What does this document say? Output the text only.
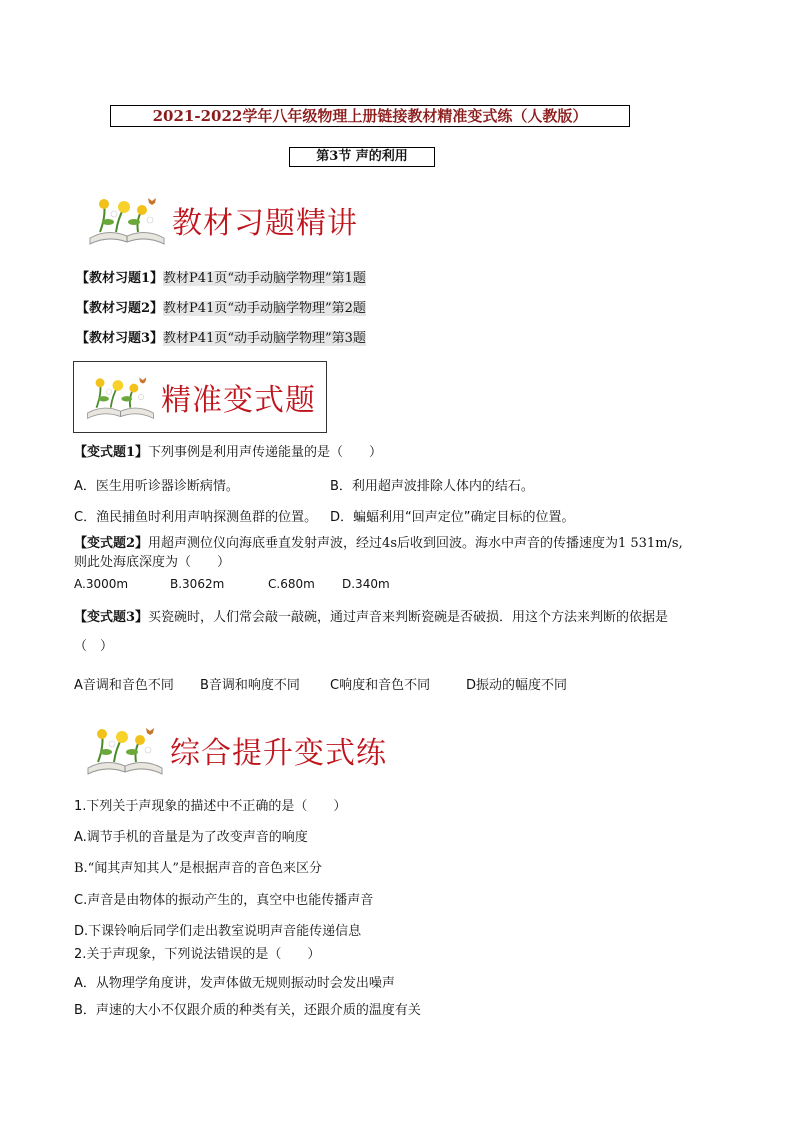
2021-2022学年八年级物理上册链接教材精准变式练（人教版）
第3节 声的利用
教材习题精讲
【教材习题1】教材P41页“动手动脑学物理”第1题
【教材习题2】教材P41页“动手动脑学物理”第2题
【教材习题3】教材P41页“动手动脑学物理”第3题
精准变式题
【变式题1】下列事例是利用声传递能量的是（　　）
A．医生用听诊器诊断病情。	B．利用超声波排除人体内的结石。
C．渔民捕鱼时利用声呐探测鱼群的位置。 D．蝙蝠利用“回声定位”确定目标的位置。
【变式题2】用超声测位仪向海底垂直发射声波，经过4s后收到回波。海水中声音的传播速度为1 531m/s,
则此处海底深度为（　　）
A.3000m	B.3062m	C.680m D.340m
【变式题3】买瓷碗时，人们常会敲一敲碗，通过声音来判断瓷碗是否破损．用这个方法来判断的依据是
（　）
A音调和音色不同 B音调和响度不同 C响度和音色不同	D振动的幅度不同
综合提升变式练
1.下列关于声现象的描述中不正确的是（　　）
A.调节手机的音量是为了改变声音的响度
B.“闻其声知其人”是根据声音的音色来区分
C.声音是由物体的振动产生的，真空中也能传播声音
D.下课铃响后同学们走出教室说明声音能传递信息
2.关于声现象，下列说法错误的是（　　）
A．从物理学角度讲，发声体做无规则振动时会发出噪声
B．声速的大小不仅跟介质的种类有关，还跟介质的温度有关
